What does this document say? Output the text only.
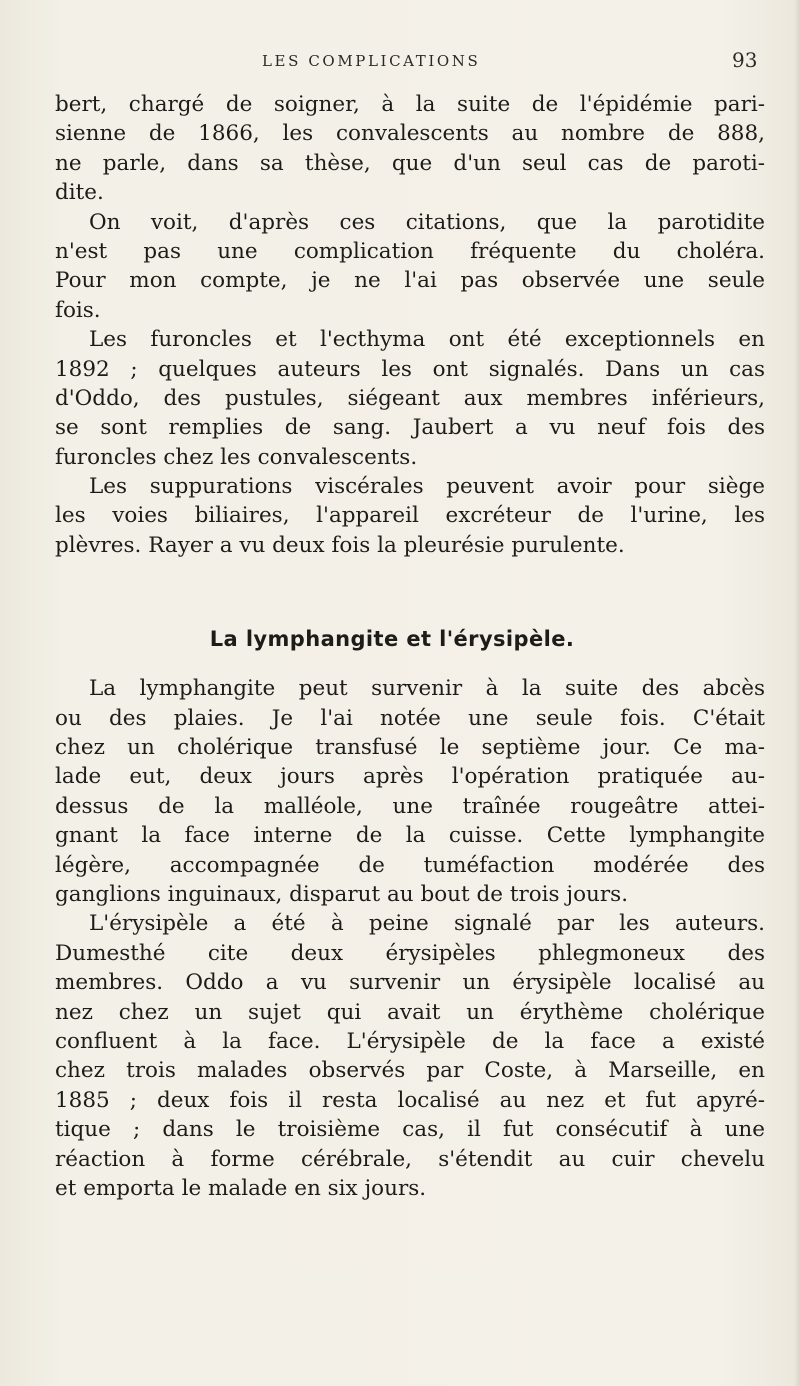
LES COMPLICATIONS	93
bert, chargé de soigner, à la suite de l'épidémie pari-
sienne de 1866, les convalescents au nombre de 888,
ne parle, dans sa thèse, que d'un seul cas de paroti-
dite.
On voit, d'après ces citations, que la parotidite
n'est pas une complication fréquente du choléra.
Pour mon compte, je ne l'ai pas observée une seule
fois.
Les furoncles et l'ecthyma ont été exceptionnels en
1892 ; quelques auteurs les ont signalés. Dans un cas
d'Oddo, des pustules, siégeant aux membres inférieurs,
se sont remplies de sang. Jaubert a vu neuf fois des
furoncles chez les convalescents.
Les suppurations viscérales peuvent avoir pour siège
les voies biliaires, l'appareil excréteur de l'urine, les
plèvres. Rayer a vu deux fois la pleurésie purulente.
La lymphangite et l'érysipèle.
La lymphangite peut survenir à la suite des abcès
ou des plaies. Je l'ai notée une seule fois. C'était
chez un cholérique transfusé le septième jour. Ce ma-
lade eut, deux jours après l'opération pratiquée au-
dessus de la malléole, une traînée rougeâtre attei-
gnant la face interne de la cuisse. Cette lymphangite
légère, accompagnée de tuméfaction modérée des
ganglions inguinaux, disparut au bout de trois jours.
L'érysipèle a été à peine signalé par les auteurs.
Dumesthé cite deux érysipèles phlegmoneux des
membres. Oddo a vu survenir un érysipèle localisé au
nez chez un sujet qui avait un érythème cholérique
confluent à la face. L'érysipèle de la face a existé
chez trois malades observés par Coste, à Marseille, en
1885 ; deux fois il resta localisé au nez et fut apyré-
tique ; dans le troisième cas, il fut consécutif à une
réaction à forme cérébrale, s'étendit au cuir chevelu
et emporta le malade en six jours.
